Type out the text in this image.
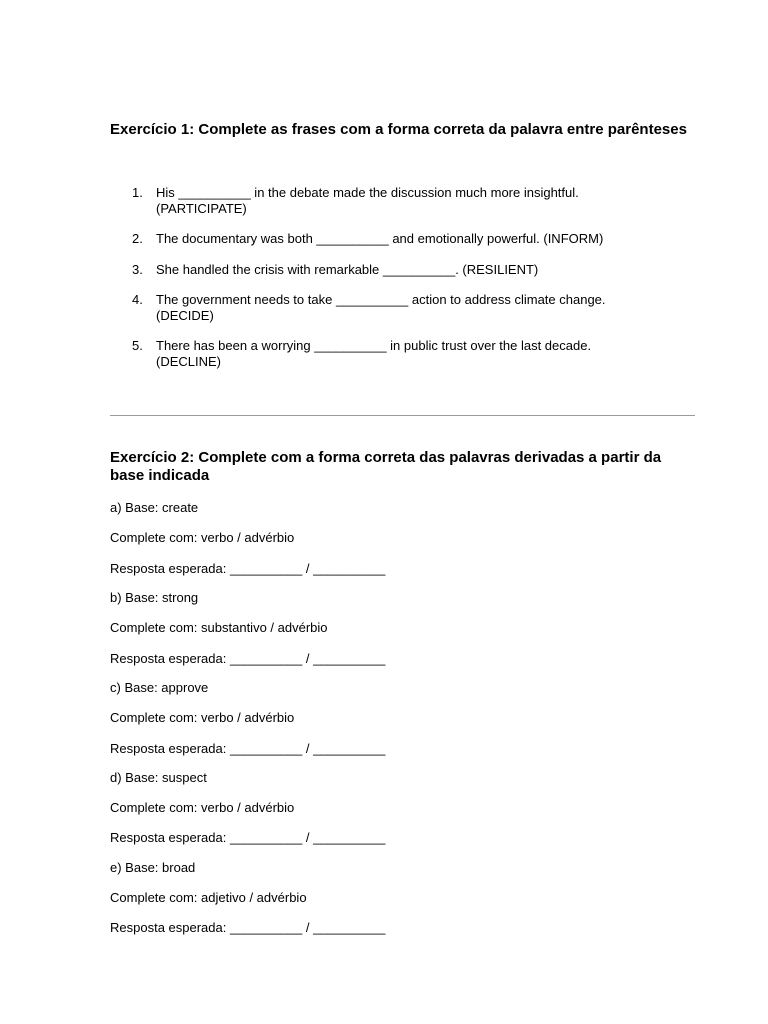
Exercício 1: Complete as frases com a forma correta da palavra entre parênteses
1. His __________ in the debate made the discussion much more insightful.
(PARTICIPATE)
2. The documentary was both __________ and emotionally powerful. (INFORM)
3. She handled the crisis with remarkable __________. (RESILIENT)
4. The government needs to take __________ action to address climate change.
(DECIDE)
5. There has been a worrying __________ in public trust over the last decade.
(DECLINE)
Exercício 2: Complete com a forma correta das palavras derivadas a partir da base indicada
a) Base: create
Complete com: verbo / advérbio
Resposta esperada: __________ / __________
b) Base: strong
Complete com: substantivo / advérbio
Resposta esperada: __________ / __________
c) Base: approve
Complete com: verbo / advérbio
Resposta esperada: __________ / __________
d) Base: suspect
Complete com: verbo / advérbio
Resposta esperada: __________ / __________
e) Base: broad
Complete com: adjetivo / advérbio
Resposta esperada: __________ / __________
